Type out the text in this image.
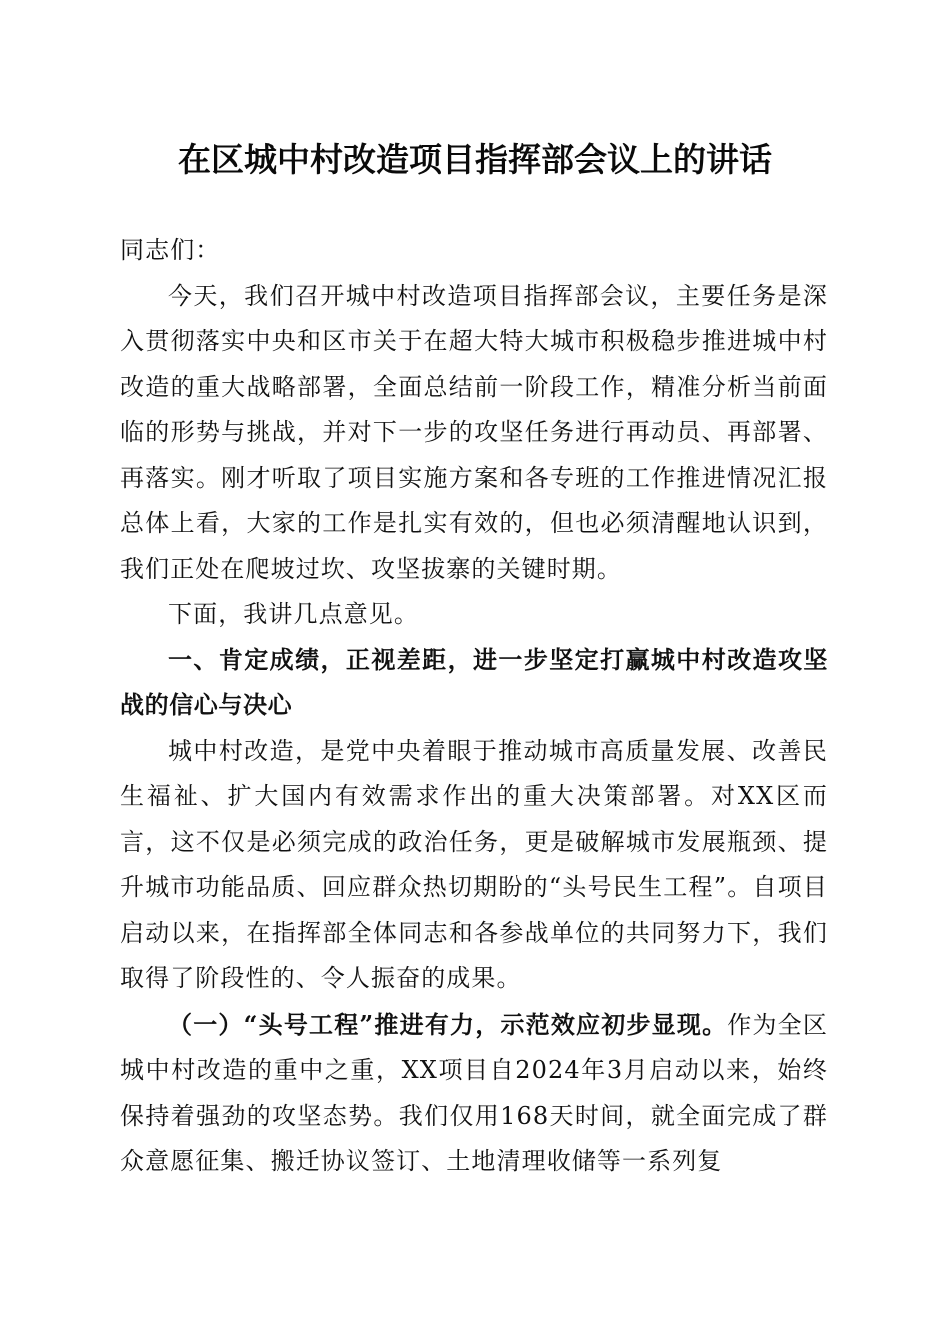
在区城中村改造项目指挥部会议上的讲话

同志们：

今天，我们召开城中村改造项目指挥部会议，主要任务是深入贯彻落实中央和区市关于在超大特大城市积极稳步推进城中村改造的重大战略部署，全面总结前一阶段工作，精准分析当前面临的形势与挑战，并对下一步的攻坚任务进行再动员、再部署、再落实。刚才听取了项目实施方案和各专班的工作推进情况汇报总体上看，大家的工作是扎实有效的，但也必须清醒地认识到，我们正处在爬坡过坎、攻坚拔寨的关键时期。

下面，我讲几点意见。

一、肯定成绩，正视差距，进一步坚定打赢城中村改造攻坚战的信心与决心

城中村改造，是党中央着眼于推动城市高质量发展、改善民生福祉、扩大国内有效需求作出的重大决策部署。对XX区而言，这不仅是必须完成的政治任务，更是破解城市发展瓶颈、提升城市功能品质、回应群众热切期盼的“头号民生工程”。自项目启动以来，在指挥部全体同志和各参战单位的共同努力下，我们取得了阶段性的、令人振奋的成果。

（一）“头号工程”推进有力，示范效应初步显现。作为全区城中村改造的重中之重，XX项目自2024年3月启动以来，始终保持着强劲的攻坚态势。我们仅用168天时间，就全面完成了群众意愿征集、搬迁协议签订、土地清理收储等一系列复
